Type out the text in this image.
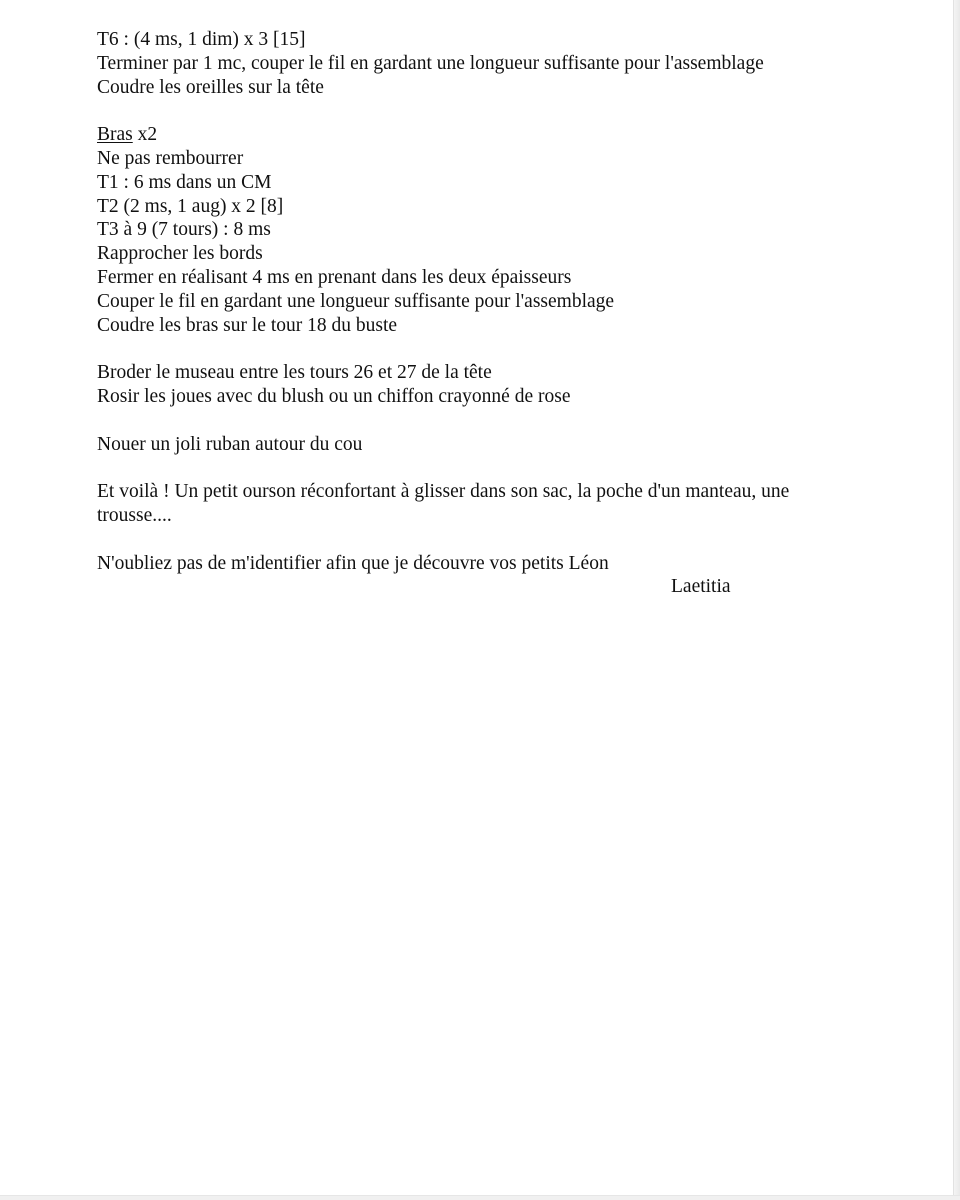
T6 : (4 ms, 1 dim) x 3 [15]
Terminer par 1 mc, couper le fil en gardant une longueur suffisante pour l'assemblage
Coudre les oreilles sur la tête
Bras x2
Ne pas rembourrer
T1 : 6 ms dans un CM
T2 (2 ms, 1 aug) x 2 [8]
T3 à 9 (7 tours) : 8 ms
Rapprocher les bords
Fermer en réalisant 4 ms en prenant dans les deux épaisseurs
Couper le fil en gardant une longueur suffisante pour l'assemblage
Coudre les bras sur le tour 18 du buste
Broder le museau entre les tours 26 et 27 de la tête
Rosir les joues avec du blush ou un chiffon crayonné de rose
Nouer un joli ruban autour du cou
Et voilà ! Un petit ourson réconfortant à glisser dans son sac, la poche d'un manteau, une trousse....
N'oubliez pas de m'identifier afin que je découvre vos petits Léon
Laetitia
